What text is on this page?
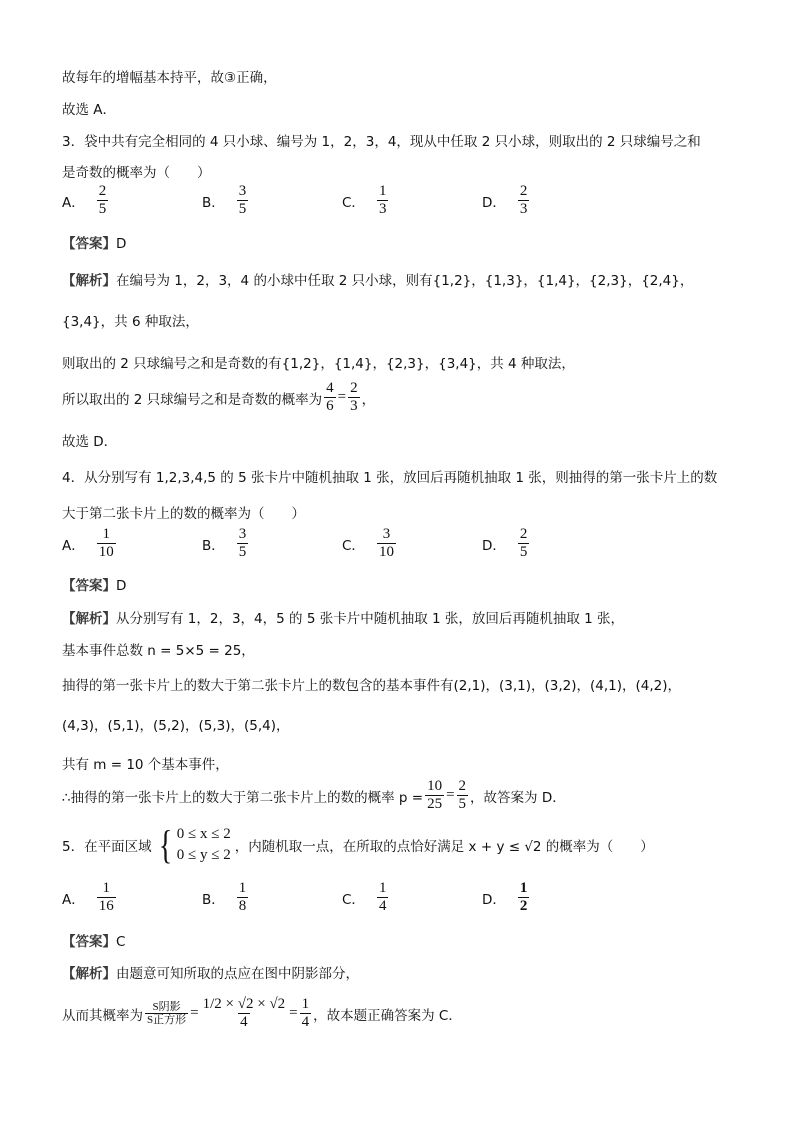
故每年的增幅基本持平，故③正确，
故选 A．
3．袋中共有完全相同的 4 只小球、编号为 1，2，3，4，现从中任取 2 只小球，则取出的 2 只球编号之和
是奇数的概率为（　　）
A． $\frac{2}{5}$	B． $\frac{3}{5}$	C． $\frac{1}{3}$	D． $\frac{2}{3}$
【答案】D
【解析】在编号为 1，2，3，4 的小球中任取 2 只小球，则有{1,2}，{1,3}，{1,4}，{2,3}，{2,4}，
{3,4}，共 6 种取法，
则取出的 2 只球编号之和是奇数的有{1,2}，{1,4}，{2,3}，{3,4}，共 4 种取法，
所以取出的 2 只球编号之和是奇数的概率为 $\frac{4}{6} = \frac{2}{3}$ ，
故选 D．
4．从分别写有 1,2,3,4,5 的 5 张卡片中随机抽取 1 张，放回后再随机抽取 1 张，则抽得的第一张卡片上的数
大于第二张卡片上的数的概率为（　　）
A． $\frac{1}{10}$	B． $\frac{3}{5}$	C． $\frac{3}{10}$	D． $\frac{2}{5}$
【答案】D
【解析】从分别写有 1，2，3，4，5 的 5 张卡片中随机抽取 1 张，放回后再随机抽取 1 张，
基本事件总数 n = 5×5 = 25，
抽得的第一张卡片上的数大于第二张卡片上的数包含的基本事件有(2,1)，(3,1)，(3,2)，(4,1)，(4,2)，
(4,3)，(5,1)，(5,2)，(5,3)，(5,4)，
共有 m = 10 个基本事件，
∴抽得的第一张卡片上的数大于第二张卡片上的数的概率 $p = \frac{10}{25} = \frac{2}{5}$ ，故答案为 D．
5．在平面区域 { 0 ≤ x ≤ 2
0 ≤ y ≤ 2 ，内随机取一点，在所取的点恰好满足 x + y ≤ √2 的概率为（　　）
A． $\frac{1}{16}$	B． $\frac{1}{8}$	C． $\frac{1}{4}$	D． $\frac{1}{2}$
【答案】C
【解析】由题意可知所取的点应在图中阴影部分，
从而其概率为 $\frac{\text{S阴影}}{\text{S正方形}} = \frac{1/2 \times √2 \times √2}{4} = \frac{1}{4}$ ，故本题正确答案为 C．
